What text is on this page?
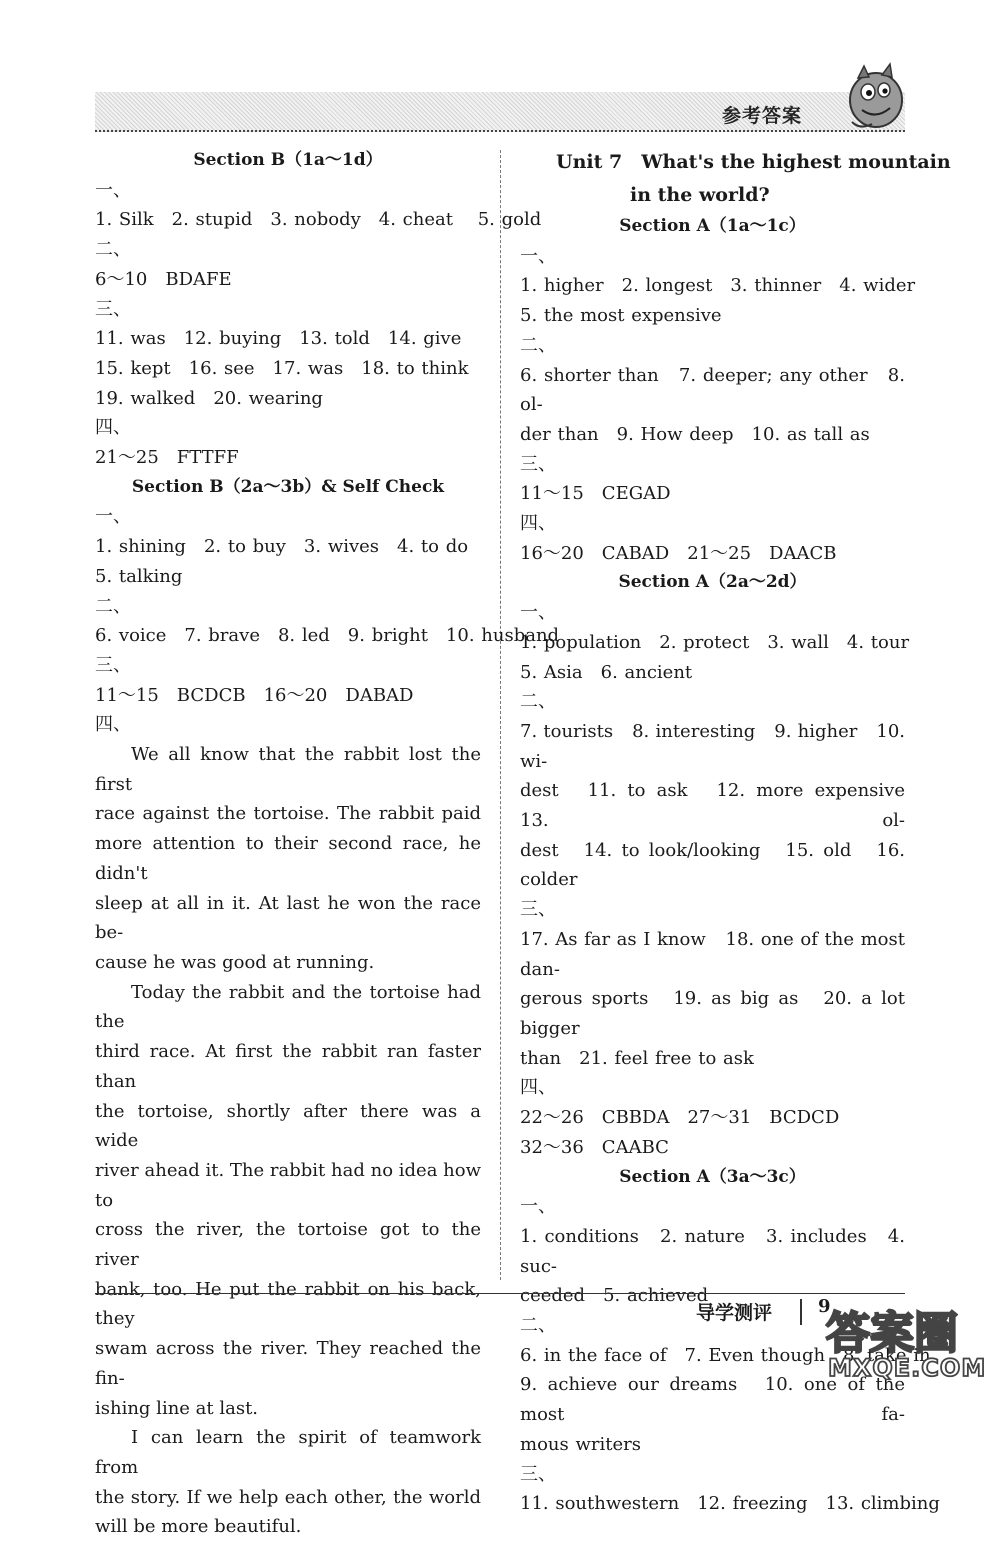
参考答案
Section B（1a～1d）
一、
1. Silk　2. stupid　3. nobody　4. cheat　 5. gold
二、
6～10　BDAFE
三、
11. was　12. buying　13. told　14. give
15. kept　16. see　17. was　18. to think
19. walked　20. wearing
四、
21～25　FTTFF
Section B（2a～3b）& Self Check
一、
1. shining　2. to buy　3. wives　4. to do
5. talking
二、
6. voice　7. brave　8. led　9. bright　10. husband
三、
11～15　BCDCB　16～20　DABAD
四、
We all know that the rabbit lost the first
race against the tortoise. The rabbit paid
more attention to their second race, he didn't
sleep at all in it. At last he won the race be-
cause he was good at running.
Today the rabbit and the tortoise had the
third race. At first the rabbit ran faster than
the tortoise, shortly after there was a wide
river ahead it. The rabbit had no idea how to
cross the river, the tortoise got to the river
bank, too. He put the rabbit on his back, they
swam across the river. They reached the fin-
ishing line at last.
I can learn the spirit of teamwork from
the story. If we help each other, the world
will be more beautiful.
Unit 7　What's the highest mountain
in the world?
Section A（1a～1c）
一、
1. higher　2. longest　3. thinner　4. wider
5. the most expensive
二、
6. shorter than　7. deeper; any other　8. ol-
der than　9. How deep　10. as tall as
三、
11～15　CEGAD
四、
16～20　CABAD　21～25　DAACB
Section A（2a～2d）
一、
1. population　2. protect　3. wall　4. tour
5. Asia　6. ancient
二、
7. tourists　8. interesting　9. higher　10. wi-
dest　11. to ask　12. more expensive　13. ol-
dest　14. to look/looking　15. old　16. colder
三、
17. As far as I know　18. one of the most dan-
gerous sports　19. as big as　20. a lot bigger
than　21. feel free to ask
四、
22～26　CBBDA　27～31　BCDCD
32～36　CAABC
Section A（3a～3c）
一、
1. conditions　2. nature　3. includes　4. suc-
ceeded　5. achieved
二、
6. in the face of　7. Even though　8. take in
9. achieve our dreams　10. one of the most fa-
mous writers
三、
11. southwestern　12. freezing　13. climbing
导学测评	9
答案圈
MXQE.COM
